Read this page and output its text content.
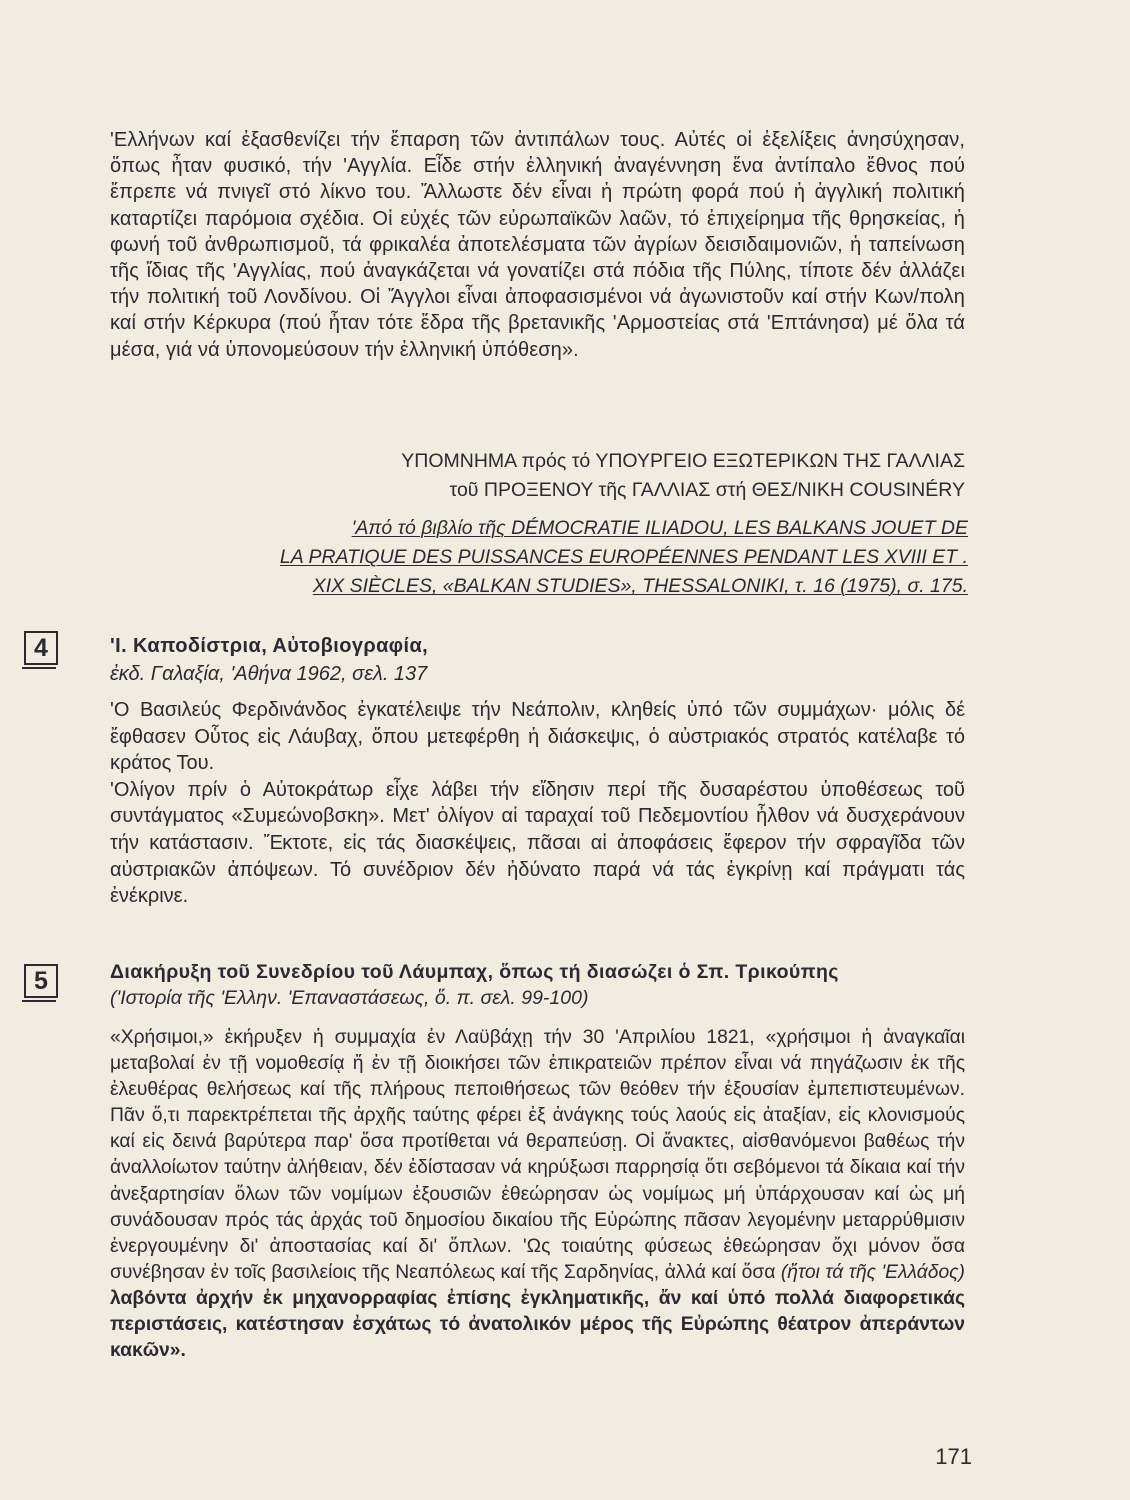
'Ελλήνων καί ἐξασθενίζει τήν ἔπαρση τῶν ἀντιπάλων τους. Αὐτές οἱ ἐξελίξεις ἀνησύχησαν, ὅπως ἦταν φυσικό, τήν 'Αγγλία. Εἶδε στήν ἑλληνική ἀναγέννηση ἕνα ἀντίπαλο ἔθνος πού ἔπρεπε νά πνιγεῖ στό λίκνο του. Ἄλλωστε δέν εἶναι ἡ πρώτη φορά πού ἡ ἀγγλική πολιτική καταρτίζει παρόμοια σχέδια. Οἱ εὐχές τῶν εὐρωπαϊκῶν λαῶν, τό ἐπιχείρημα τῆς θρησκείας, ἡ φωνή τοῦ ἀνθρωπισμοῦ, τά φρικαλέα ἀποτελέσματα τῶν ἀγρίων δεισιδαιμονιῶν, ἡ ταπείνωση τῆς ἴδιας τῆς 'Αγγλίας, πού ἀναγκάζεται νά γονατίζει στά πόδια τῆς Πύλης, τίποτε δέν ἀλλάζει τήν πολιτική τοῦ Λονδίνου. Οἱ Ἄγγλοι εἶναι ἀποφασισμένοι νά ἀγωνιστοῦν καί στήν Κων/πολη καί στήν Κέρκυρα (πού ἦταν τότε ἕδρα τῆς βρετανικῆς 'Αρμοστείας στά 'Επτάνησα) μέ ὅλα τά μέσα, γιά νά ὑπονομεύσουν τήν ἑλληνική ὑπόθεση».

ΥΠΟΜΝΗΜΑ πρός τό ΥΠΟΥΡΓΕΙΟ ΕΞΩΤΕΡΙΚΩΝ ΤΗΣ ΓΑΛΛΙΑΣ
τοῦ ΠΡΟΞΕΝΟΥ τῆς ΓΑΛΛΙΑΣ στή ΘΕΣ/ΝΙΚΗ COUSINÉRY
'Από τό βιβλίο τῆς DÉMOCRATIE ILIADOU, LES BALKANS JOUET DE
LA PRATIQUE DES PUISSANCES EUROPÉENNES PENDANT LES XVIII ET .
XIX SIÈCLES, «BALKAN STUDIES», THESSALONIKI, τ. 16 (1975), σ. 175.
4	'Ι. Καποδίστρια, Αὐτοβιογραφία,
ἐκδ. Γαλαξία, 'Αθήνα 1962, σελ. 137

'Ο Βασιλεύς Φερδινάνδος ἐγκατέλειψε τήν Νεάπολιν, κληθείς ὑπό τῶν συμμάχων· μόλις δέ ἔφθασεν Οὗτος εἰς Λάυβαχ, ὅπου μετεφέρθη ἡ διάσκεψις, ὁ αὐστριακός στρατός κατέλαβε τό κράτος Του.

'Ολίγον πρίν ὁ Αὐτοκράτωρ εἶχε λάβει τήν εἴδησιν περί τῆς δυσαρέστου ὑποθέσεως τοῦ συντάγματος «Συμεώνοβσκη». Μετ' ὀλίγον αἱ ταραχαί τοῦ Πεδεμοντίου ἦλθον νά δυσχεράνουν τήν κατάστασιν. Ἔκτοτε, εἰς τάς διασκέψεις, πᾶσαι αἱ ἀποφάσεις ἔφερον τήν σφραγῖδα τῶν αὐστριακῶν ἀπόψεων. Τό συνέδριον δέν ἠδύνατο παρά νά τάς ἐγκρίνῃ καί πράγματι τάς ἐνέκρινε.

5	Διακήρυξη τοῦ Συνεδρίου τοῦ Λάυμπαχ, ὅπως τή διασώζει ὁ Σπ. Τρικούπης
('Ιστορία τῆς 'Ελλην. 'Επαναστάσεως, ὅ. π. σελ. 99-100)

«Χρήσιμοι,» ἐκήρυξεν ἡ συμμαχία ἐν Λαϋβάχῃ τήν 30 'Απριλίου 1821, «χρήσιμοι ἡ ἀναγκαῖαι μεταβολαί ἐν τῇ νομοθεσίᾳ ἤ ἐν τῇ διοικήσει τῶν ἐπικρατειῶν πρέπον εἶναι νά πηγάζωσιν ἐκ τῆς ἐλευθέρας θελήσεως καί τῆς πλήρους πεποιθήσεως τῶν θεόθεν τήν ἐξουσίαν ἐμπεπιστευμένων. Πᾶν ὅ,τι παρεκτρέπεται τῆς ἀρχῆς ταύτης φέρει ἐξ ἀνάγκης τούς λαούς εἰς ἀταξίαν, εἰς κλονισμούς καί εἰς δεινά βαρύτερα παρ' ὅσα προτίθεται νά θεραπεύσῃ. Οἱ ἄνακτες, αἰσθανόμενοι βαθέως τήν ἀναλλοίωτον ταύτην ἀλήθειαν, δέν ἐδίστασαν νά κηρύξωσι παρρησίᾳ ὅτι σεβόμενοι τά δίκαια καί τήν ἀνεξαρτησίαν ὅλων τῶν νομίμων ἐξουσιῶν ἐθεώρησαν ὡς νομίμως μή ὑπάρχουσαν καί ὡς μή συνάδουσαν πρός τάς ἀρχάς τοῦ δημοσίου δικαίου τῆς Εὐρώπης πᾶσαν λεγομένην μεταρρύθμισιν ἐνεργουμένην δι' ἀποστασίας καί δι' ὅπλων. 'Ως τοιαύτης φύσεως ἐθεώρησαν ὄχι μόνον ὅσα συνέβησαν ἐν τοῖς βασιλείοις τῆς Νεαπόλεως καί τῆς Σαρδηνίας, ἀλλά καί ὅσα (ἤτοι τά τῆς 'Ελλάδος) λαβόντα ἀρχήν ἐκ μηχανορραφίας ἐπίσης ἐγκληματικῆς, ἄν καί ὑπό πολλά διαφορετικάς περιστάσεις, κατέστησαν ἐσχάτως τό ἀνατολικόν μέρος τῆς Εὐρώπης θέατρον ἀπεράντων κακῶν».

171
